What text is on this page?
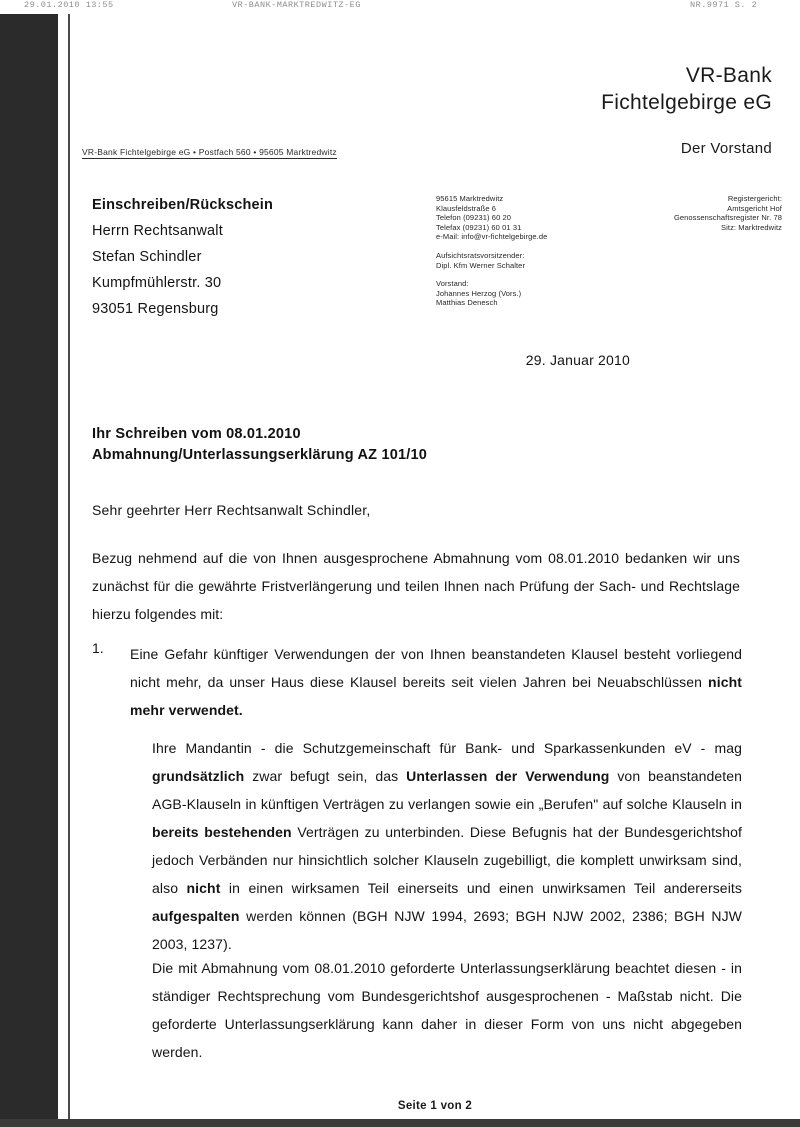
29.01.2010 13:55	VR-BANK-MARKTREDWITZ-EG	NR.9971 S. 2
VR-Bank
Fichtelgebirge eG
Der Vorstand
VR-Bank Fichtelgebirge eG • Postfach 560 • 95605 Marktredwitz
Einschreiben/Rückschein
Herrn Rechtsanwalt
Stefan Schindler
Kumpfmühlerstr. 30
93051 Regensburg
95615 Marktredwitz
Klausfeldstraße 6
Telefon (09231) 60 20
Telefax (09231) 60 01 31
e-Mail: info@vr-fichtelgebirge.de
Aufsichtsratsvorsitzender:
Dipl. Kfm Werner Schalter
Vorstand:
Johannes Herzog (Vors.)
Matthias Denesch
Registergericht:
Amtsgericht Hof
Genossenschaftsregister Nr. 78
Sitz: Marktredwitz
29. Januar 2010
Ihr Schreiben vom 08.01.2010
Abmahnung/Unterlassungserklärung AZ 101/10
Sehr geehrter Herr Rechtsanwalt Schindler,
Bezug nehmend auf die von Ihnen ausgesprochene Abmahnung vom 08.01.2010 bedanken wir uns zunächst für die gewährte Fristverlängerung und teilen Ihnen nach Prüfung der Sach- und Rechtslage hierzu folgendes mit:
1. Eine Gefahr künftiger Verwendungen der von Ihnen beanstandeten Klausel besteht vorliegend nicht mehr, da unser Haus diese Klausel bereits seit vielen Jahren bei Neuabschlüssen nicht mehr verwendet.
Ihre Mandantin - die Schutzgemeinschaft für Bank- und Sparkassenkunden eV - mag grundsätzlich zwar befugt sein, das Unterlassen der Verwendung von beanstandeten AGB-Klauseln in künftigen Verträgen zu verlangen sowie ein „Berufen" auf solche Klauseln in bereits bestehenden Verträgen zu unterbinden. Diese Befugnis hat der Bundesgerichtshof jedoch Verbänden nur hinsichtlich solcher Klauseln zugebilligt, die komplett unwirksam sind, also nicht in einen wirksamen Teil einerseits und einen unwirksamen Teil andererseits aufgespalten werden können (BGH NJW 1994, 2693; BGH NJW 2002, 2386; BGH NJW 2003, 1237).
Die mit Abmahnung vom 08.01.2010 geforderte Unterlassungserklärung beachtet diesen - in ständiger Rechtsprechung vom Bundesgerichtshof ausgesprochenen - Maßstab nicht. Die geforderte Unterlassungserklärung kann daher in dieser Form von uns nicht abgegeben werden.
Seite 1 von 2
